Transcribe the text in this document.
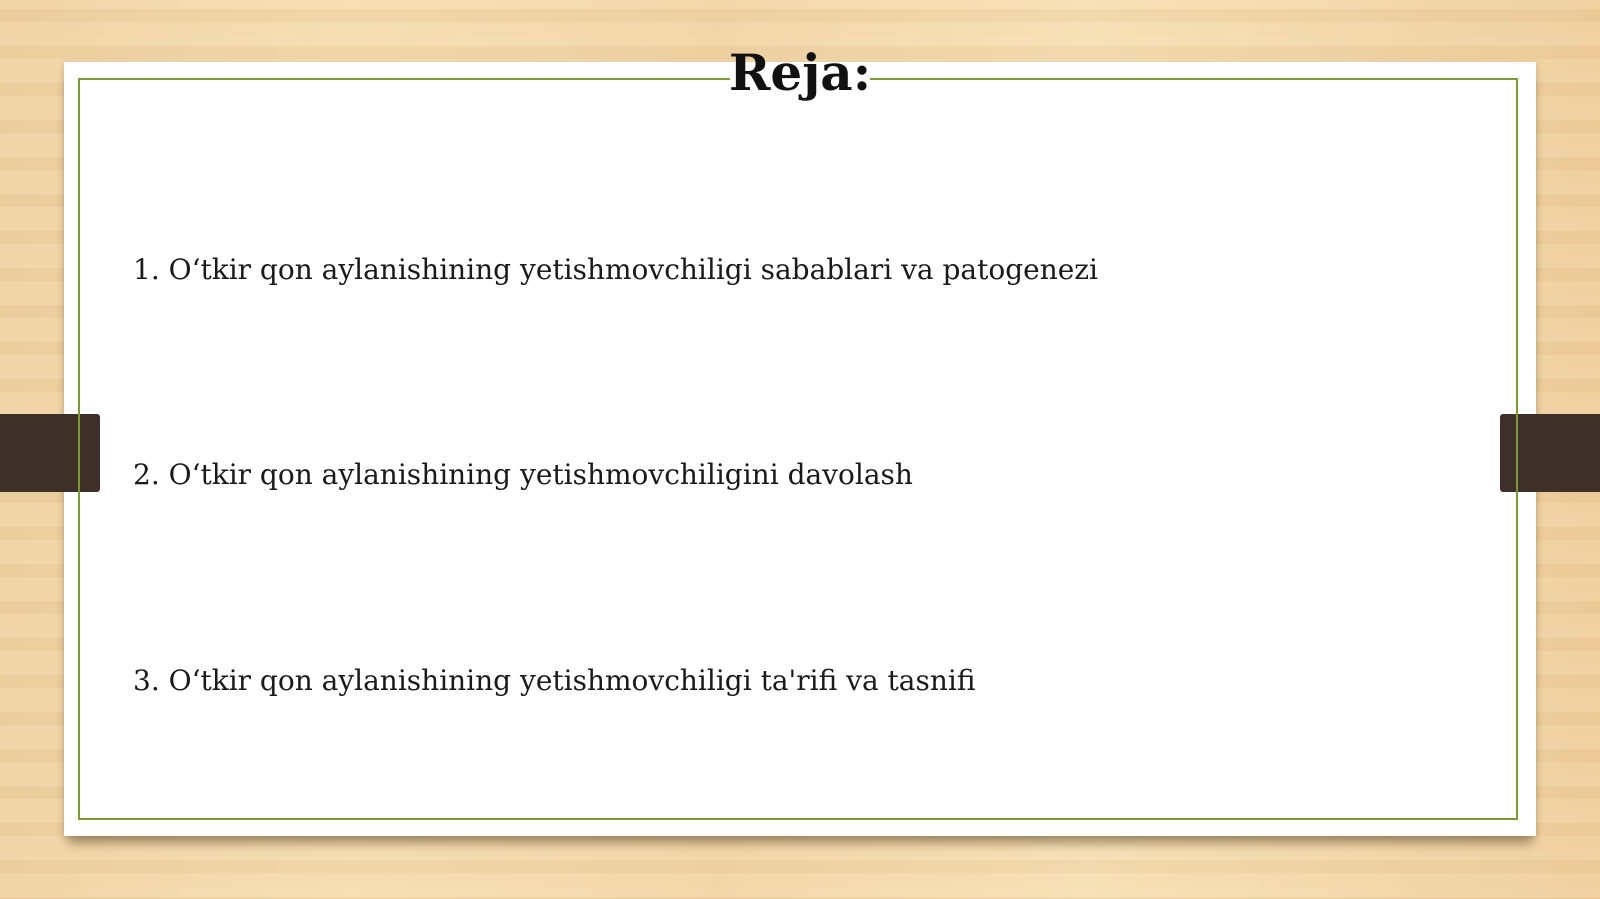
Reja:

1. O‘tkir qon aylanishining yetishmovchiligi sabablari va patogenezi

2. O‘tkir qon aylanishining yetishmovchiligini davolash

3. O‘tkir qon aylanishining yetishmovchiligi ta'rifi va tasnifi
